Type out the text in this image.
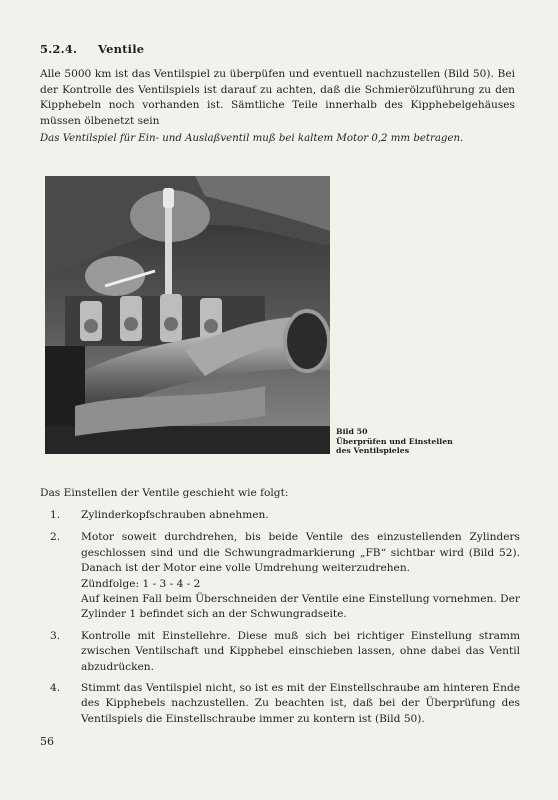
5.2.4. Ventile

Alle 5000 km ist das Ventilspiel zu überpüfen und eventuell nachzustellen (Bild 50). Bei der Kontrolle des Ventilspiels ist darauf zu achten, daß die Schmierölzuführung zu den Kipphebeln noch vorhanden ist. Sämtliche Teile innerhalb des Kipphebelgehäuses müssen ölbenetzt sein

Das Ventilspiel für Ein- und Auslaßventil muß bei kaltem Motor 0,2 mm betragen.

Bild 50
Überprüfen und Einstellen
des Ventilspieles

Das Einstellen der Ventile geschieht wie folgt:

1. Zylinderkopfschrauben abnehmen.
2. Motor soweit durchdrehen, bis beide Ventile des einzustellenden Zylinders geschlossen sind und die Schwungradmarkierung „FB“ sichtbar wird (Bild 52). Danach ist der Motor eine volle Umdrehung weiterzudrehen.
Zündfolge: 1 - 3 - 4 - 2
Auf keinen Fall beim Überschneiden der Ventile eine Einstellung vornehmen. Der Zylinder 1 befindet sich an der Schwungradseite.
3. Kontrolle mit Einstellehre. Diese muß sich bei richtiger Einstellung stramm zwischen Ventilschaft und Kipphebel einschieben lassen, ohne dabei das Ventil abzudrücken.
4. Stimmt das Ventilspiel nicht, so ist es mit der Einstellschraube am hinteren Ende des Kipphebels nachzustellen. Zu beachten ist, daß bei der Überprüfung des Ventilspiels die Einstellschraube immer zu kontern ist (Bild 50).
56
